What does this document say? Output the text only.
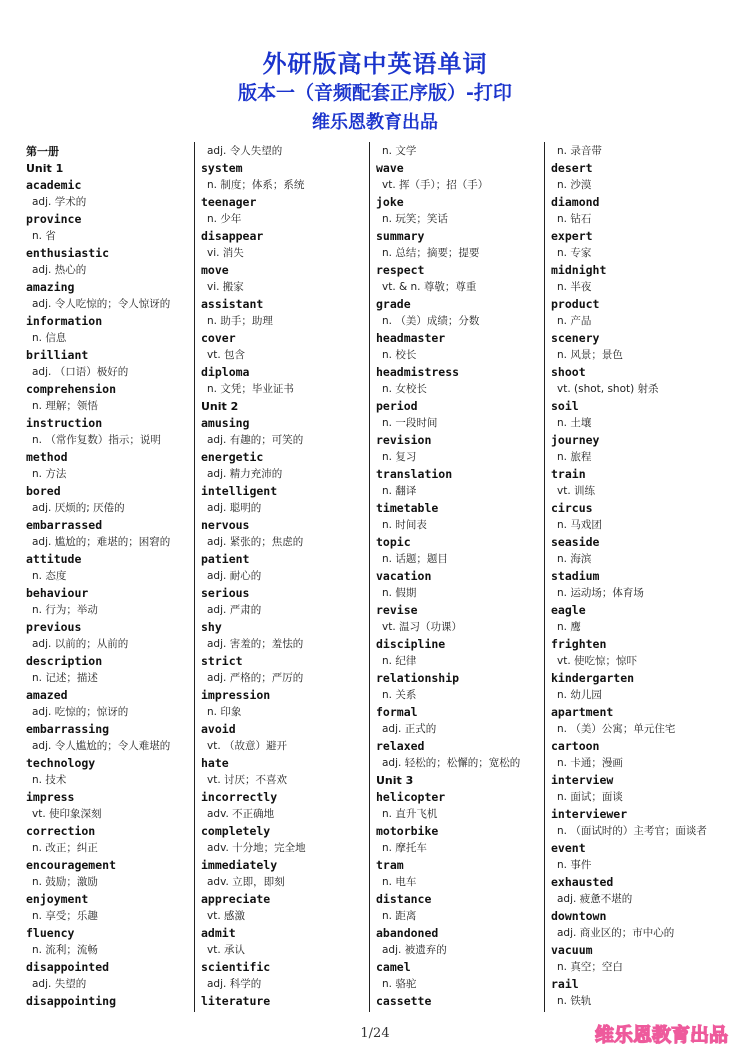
外研版高中英语单词
版本一（音频配套正序版）-打印
维乐恩教育出品
第一册
Unit 1
academic
adj. 学术的
province
n. 省
enthusiastic
adj. 热心的
amazing
adj. 令人吃惊的；令人惊讶的
information
n. 信息
brilliant
adj. （口语）极好的
comprehension
n. 理解；领悟
instruction
n. （常作复数）指示；说明
method
n. 方法
bored
adj. 厌烦的; 厌倦的
embarrassed
adj. 尴尬的；难堪的；困窘的
attitude
n. 态度
behaviour
n. 行为；举动
previous
adj. 以前的；从前的
description
n. 记述；描述
amazed
adj. 吃惊的；惊讶的
embarrassing
adj. 令人尴尬的；令人难堪的
technology
n. 技术
impress
vt. 使印象深刻
correction
n. 改正；纠正
encouragement
n. 鼓励；激励
enjoyment
n. 享受；乐趣
fluency
n. 流利；流畅
disappointed
adj. 失望的
disappointing
adj. 令人失望的
system
n. 制度；体系；系统
teenager
n. 少年
disappear
vi. 消失
move
vi. 搬家
assistant
n. 助手；助理
cover
vt. 包含
diploma
n. 文凭；毕业证书
Unit 2
amusing
adj. 有趣的；可笑的
energetic
adj. 精力充沛的
intelligent
adj. 聪明的
nervous
adj. 紧张的；焦虑的
patient
adj. 耐心的
serious
adj. 严肃的
shy
adj. 害羞的；羞怯的
strict
adj. 严格的；严厉的
impression
n. 印象
avoid
vt. （故意）避开
hate
vt. 讨厌；不喜欢
incorrectly
adv. 不正确地
completely
adv. 十分地；完全地
immediately
adv. 立即，即刻
appreciate
vt. 感激
admit
vt. 承认
scientific
adj. 科学的
literature
n. 文学
wave
vt. 挥（手）；招（手）
joke
n. 玩笑；笑话
summary
n. 总结；摘要；提要
respect
vt. & n. 尊敬；尊重
grade
n. （美）成绩；分数
headmaster
n. 校长
headmistress
n. 女校长
period
n. 一段时间
revision
n. 复习
translation
n. 翻译
timetable
n. 时间表
topic
n. 话题；题目
vacation
n. 假期
revise
vt. 温习（功课）
discipline
n. 纪律
relationship
n. 关系
formal
adj. 正式的
relaxed
adj. 轻松的；松懈的；宽松的
Unit 3
helicopter
n. 直升飞机
motorbike
n. 摩托车
tram
n. 电车
distance
n. 距离
abandoned
adj. 被遗弃的
camel
n. 骆驼
cassette
n. 录音带
desert
n. 沙漠
diamond
n. 钻石
expert
n. 专家
midnight
n. 半夜
product
n. 产品
scenery
n. 风景；景色
shoot
vt. (shot, shot) 射杀
soil
n. 土壤
journey
n. 旅程
train
vt. 训练
circus
n. 马戏团
seaside
n. 海滨
stadium
n. 运动场；体育场
eagle
n. 鹰
frighten
vt. 使吃惊；惊吓
kindergarten
n. 幼儿园
apartment
n. （美）公寓；单元住宅
cartoon
n. 卡通；漫画
interview
n. 面试；面谈
interviewer
n. （面试时的）主考官；面谈者
event
n. 事件
exhausted
adj. 疲惫不堪的
downtown
adj. 商业区的；市中心的
vacuum
n. 真空；空白
rail
n. 铁轨
1/24	维乐恩教育出品
